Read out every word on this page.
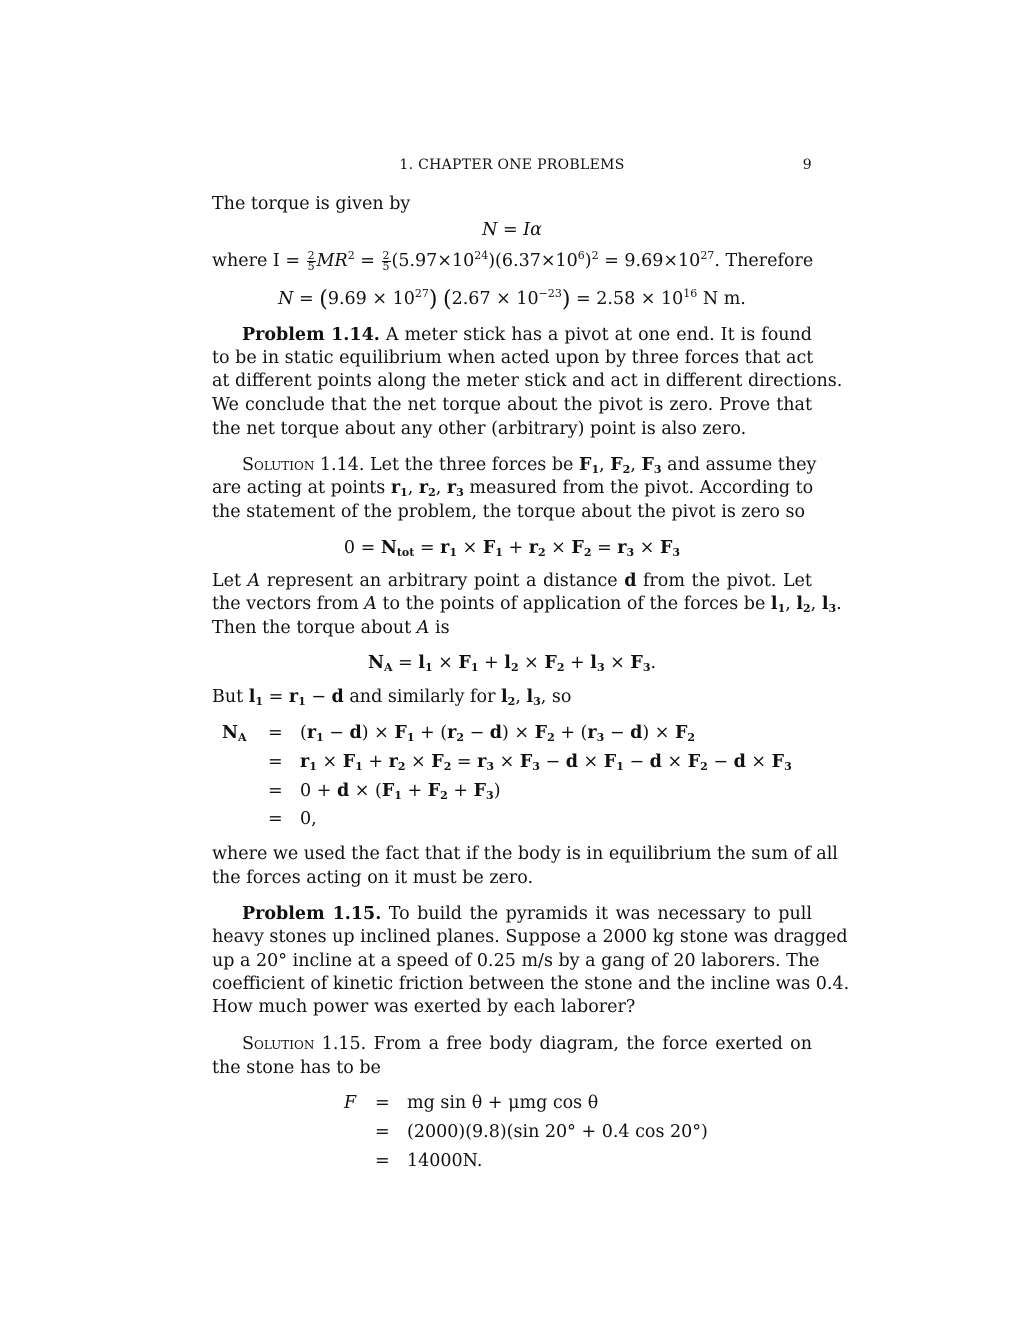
1. CHAPTER ONE PROBLEMS	9
The torque is given by
N = Iα
where $I = \frac{2}{5} MR^2 = \frac{2}{5} (5.97\times 10^{24})(6.37\times 10^6)^2 = 9.69\times 10^{27}$. Therefore
$N = (9.69 \times 10^{27})$ $(2.67 \times 10^{-23}) = 2.58 \times 10^{16}$ N m.
Problem 1.14. A meter stick has a pivot at one end. It is found
to be in static equilibrium when acted upon by three forces that act
at different points along the meter stick and act in different directions.
We conclude that the net torque about the pivot is zero. Prove that
the net torque about any other (arbitrary) point is also zero.
Solution 1.14. Let the three forces be $F_1$, $F_2$, $F_3$ and assume they
are acting at points $r_1$, $r_2$, $r_3$ measured from the pivot. According to
the statement of the problem, the torque about the pivot is zero so
$0 = N_{tot} = r_1 \times F_1 + r_2 \times F_2 = r_3 \times F_3$
Let A represent an arbitrary point a distance d from the pivot. Let
the vectors from A to the points of application of the forces be $l_1$, $l_2$, $l_3$.
Then the torque about A is
$N_A = l_1 \times F_1 + l_2 \times F_2 + l_3 \times F_3$.
But $l_1 = r_1 - d$ and similarly for $l_2$, $l_3$, so
$N_A = (r_1 - d) \times F_1 + (r_2 - d) \times F_2 + (r_3 - d) \times F_2$
= $r_1 \times F_1 + r_2 \times F_2 = r_3 \times F_3 - d \times F_1 - d \times F_2 - d \times F_3$
= $0 + d \times (F_1 + F_2 + F_3)$
= 0,
where we used the fact that if the body is in equilibrium the sum of all
the forces acting on it must be zero.
Problem 1.15. To build the pyramids it was necessary to pull
heavy stones up inclined planes. Suppose a 2000 kg stone was dragged
up a 20° incline at a speed of 0.25 m/s by a gang of 20 laborers. The
coefficient of kinetic friction between the stone and the incline was 0.4.
How much power was exerted by each laborer?
Solution 1.15. From a free body diagram, the force exerted on
the stone has to be
F = mg sin θ + μmg cos θ
= (2000)(9.8)(sin 20° + 0.4 cos 20°)
= 14000N.
